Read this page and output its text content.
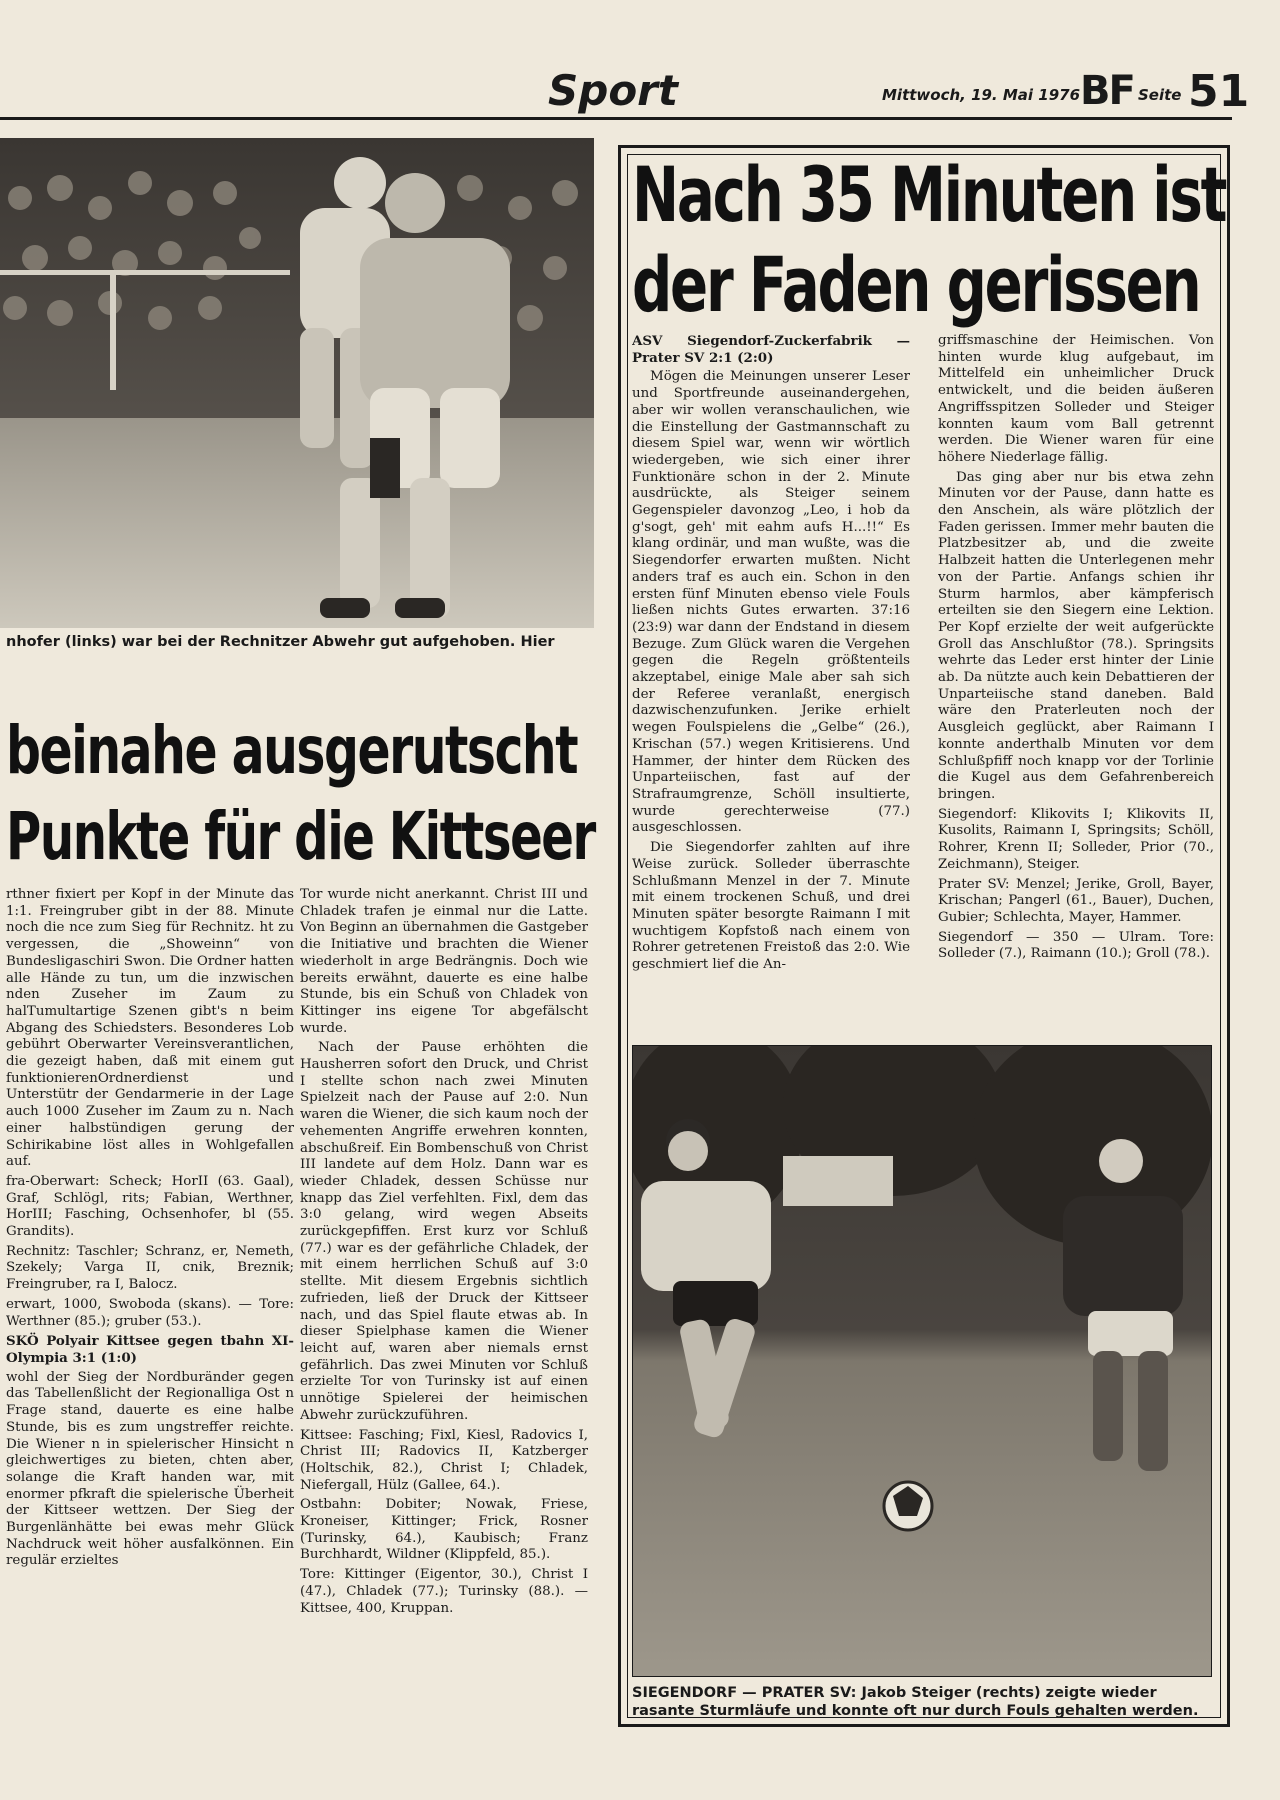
Sport	Mittwoch, 19. Mai 1976 BF Seite 51
nhofer (links) war bei der Rechnitzer Abwehr gut aufgehoben. Hier
beinahe ausgerutscht
Punkte für die Kittseer

rthner fixiert per Kopf in der Minute das 1:1. Freingruber gibt in der 88. Minute noch die nce zum Sieg für Rechnitz. ht zu vergessen, die „Showeinn“ von Bundesligaschiri Swon. Die Ordner hatten alle Hände zu tun, um die inzwischen nden Zuseher im Zaum zu halTumultartige Szenen gibt's n beim Abgang des Schiedsters. Besonderes Lob gebührt Oberwarter Vereinsverantlichen, die gezeigt haben, daß mit einem gut funktionierenOrdnerdienst und Unterstütr der Gendarmerie in der Lage auch 1000 Zuseher im Zaum zu n. Nach einer halbstündigen gerung der Schirikabine löst alles in Wohlgefallen auf.

fra-Oberwart: Scheck; HorII (63. Gaal), Graf, Schlögl, rits; Fabian, Werthner, HorIII; Fasching, Ochsenhofer, bl (55. Grandits).

Rechnitz: Taschler; Schranz, er, Nemeth, Szekely; Varga II, cnik, Breznik; Freingruber, ra I, Balocz.

erwart, 1000, Swoboda (skans). — Tore: Werthner (85.); gruber (53.).

SKÖ Polyair Kittsee gegen tbahn XI-Olympia 3:1 (1:0)

wohl der Sieg der Nordburänder gegen das Tabellenßlicht der Regionalliga Ost n Frage stand, dauerte es eine halbe Stunde, bis es zum ungstreffer reichte. Die Wiener n in spielerischer Hinsicht n gleichwertiges zu bieten, chten aber, solange die Kraft handen war, mit enormer pfkraft die spielerische Überheit der Kittseer wettzen. Der Sieg der Burgenlänhätte bei ewas mehr Glück Nachdruck weit höher ausfalkönnen. Ein regulär erzieltes

Tor wurde nicht anerkannt. Christ III und Chladek trafen je einmal nur die Latte. Von Beginn an übernahmen die Gastgeber die Initiative und brachten die Wiener wiederholt in arge Bedrängnis. Doch wie bereits erwähnt, dauerte es eine halbe Stunde, bis ein Schuß von Chladek von Kittinger ins eigene Tor abgefälscht wurde.

Nach der Pause erhöhten die Hausherren sofort den Druck, und Christ I stellte schon nach zwei Minuten Spielzeit nach der Pause auf 2:0. Nun waren die Wiener, die sich kaum noch der vehementen Angriffe erwehren konnten, abschußreif. Ein Bombenschuß von Christ III landete auf dem Holz. Dann war es wieder Chladek, dessen Schüsse nur knapp das Ziel verfehlten. Fixl, dem das 3:0 gelang, wird wegen Abseits zurückgepfiffen. Erst kurz vor Schluß (77.) war es der gefährliche Chladek, der mit einem herrlichen Schuß auf 3:0 stellte. Mit diesem Ergebnis sichtlich zufrieden, ließ der Druck der Kittseer nach, und das Spiel flaute etwas ab. In dieser Spielphase kamen die Wiener leicht auf, waren aber niemals ernst gefährlich. Das zwei Minuten vor Schluß erzielte Tor von Turinsky ist auf einen unnötige Spielerei der heimischen Abwehr zurückzuführen.

Kittsee: Fasching; Fixl, Kiesl, Radovics I, Christ III; Radovics II, Katzberger (Holtschik, 82.), Christ I; Chladek, Niefergall, Hülz (Gallee, 64.).

Ostbahn: Dobiter; Nowak, Friese, Kroneiser, Kittinger; Frick, Rosner (Turinsky, 64.), Kaubisch; Franz Burchhardt, Wildner (Klippfeld, 85.).

Tore: Kittinger (Eigentor, 30.), Christ I (47.), Chladek (77.); Turinsky (88.). — Kittsee, 400, Kruppan.

Nach 35 Minuten ist
der Faden gerissen

ASV Siegendorf-Zuckerfabrik — Prater SV 2:1 (2:0)

Mögen die Meinungen unserer Leser und Sportfreunde auseinandergehen, aber wir wollen veranschaulichen, wie die Einstellung der Gastmannschaft zu diesem Spiel war, wenn wir wörtlich wiedergeben, wie sich einer ihrer Funktionäre schon in der 2. Minute ausdrückte, als Steiger seinem Gegenspieler davonzog „Leo, i hob da g'sogt, geh' mit eahm aufs H...!!“ Es klang ordinär, und man wußte, was die Siegendorfer erwarten mußten. Nicht anders traf es auch ein. Schon in den ersten fünf Minuten ebenso viele Fouls ließen nichts Gutes erwarten. 37:16 (23:9) war dann der Endstand in diesem Bezuge. Zum Glück waren die Vergehen gegen die Regeln größtenteils akzeptabel, einige Male aber sah sich der Referee veranlaßt, energisch dazwischenzufunken. Jerike erhielt wegen Foulspielens die „Gelbe“ (26.), Krischan (57.) wegen Kritisierens. Und Hammer, der hinter dem Rücken des Unparteiischen, fast auf der Strafraumgrenze, Schöll insultierte, wurde gerechterweise (77.) ausgeschlossen.

Die Siegendorfer zahlten auf ihre Weise zurück. Solleder überraschte Schlußmann Menzel in der 7. Minute mit einem trockenen Schuß, und drei Minuten später besorgte Raimann I mit wuchtigem Kopfstoß nach einem von Rohrer getretenen Freistoß das 2:0. Wie geschmiert lief die An-

griffsmaschine der Heimischen. Von hinten wurde klug aufgebaut, im Mittelfeld ein unheimlicher Druck entwickelt, und die beiden äußeren Angriffsspitzen Solleder und Steiger konnten kaum vom Ball getrennt werden. Die Wiener waren für eine höhere Niederlage fällig.

Das ging aber nur bis etwa zehn Minuten vor der Pause, dann hatte es den Anschein, als wäre plötzlich der Faden gerissen. Immer mehr bauten die Platzbesitzer ab, und die zweite Halbzeit hatten die Unterlegenen mehr von der Partie. Anfangs schien ihr Sturm harmlos, aber kämpferisch erteilten sie den Siegern eine Lektion. Per Kopf erzielte der weit aufgerückte Groll das Anschlußtor (78.). Springsits wehrte das Leder erst hinter der Linie ab. Da nützte auch kein Debattieren der Unparteiische stand daneben. Bald wäre den Praterleuten noch der Ausgleich geglückt, aber Raimann I konnte anderthalb Minuten vor dem Schlußpfiff noch knapp vor der Torlinie die Kugel aus dem Gefahrenbereich bringen.

Siegendorf: Klikovits I; Klikovits II, Kusolits, Raimann I, Springsits; Schöll, Rohrer, Krenn II; Solleder, Prior (70., Zeichmann), Steiger.

Prater SV: Menzel; Jerike, Groll, Bayer, Krischan; Pangerl (61., Bauer), Duchen, Gubier; Schlechta, Mayer, Hammer.

Siegendorf — 350 — Ulram. Tore: Solleder (7.), Raimann (10.); Groll (78.).

SIEGENDORF — PRATER SV: Jakob Steiger (rechts) zeigte wieder rasante Sturmläufe und konnte oft nur durch Fouls gehalten werden.
